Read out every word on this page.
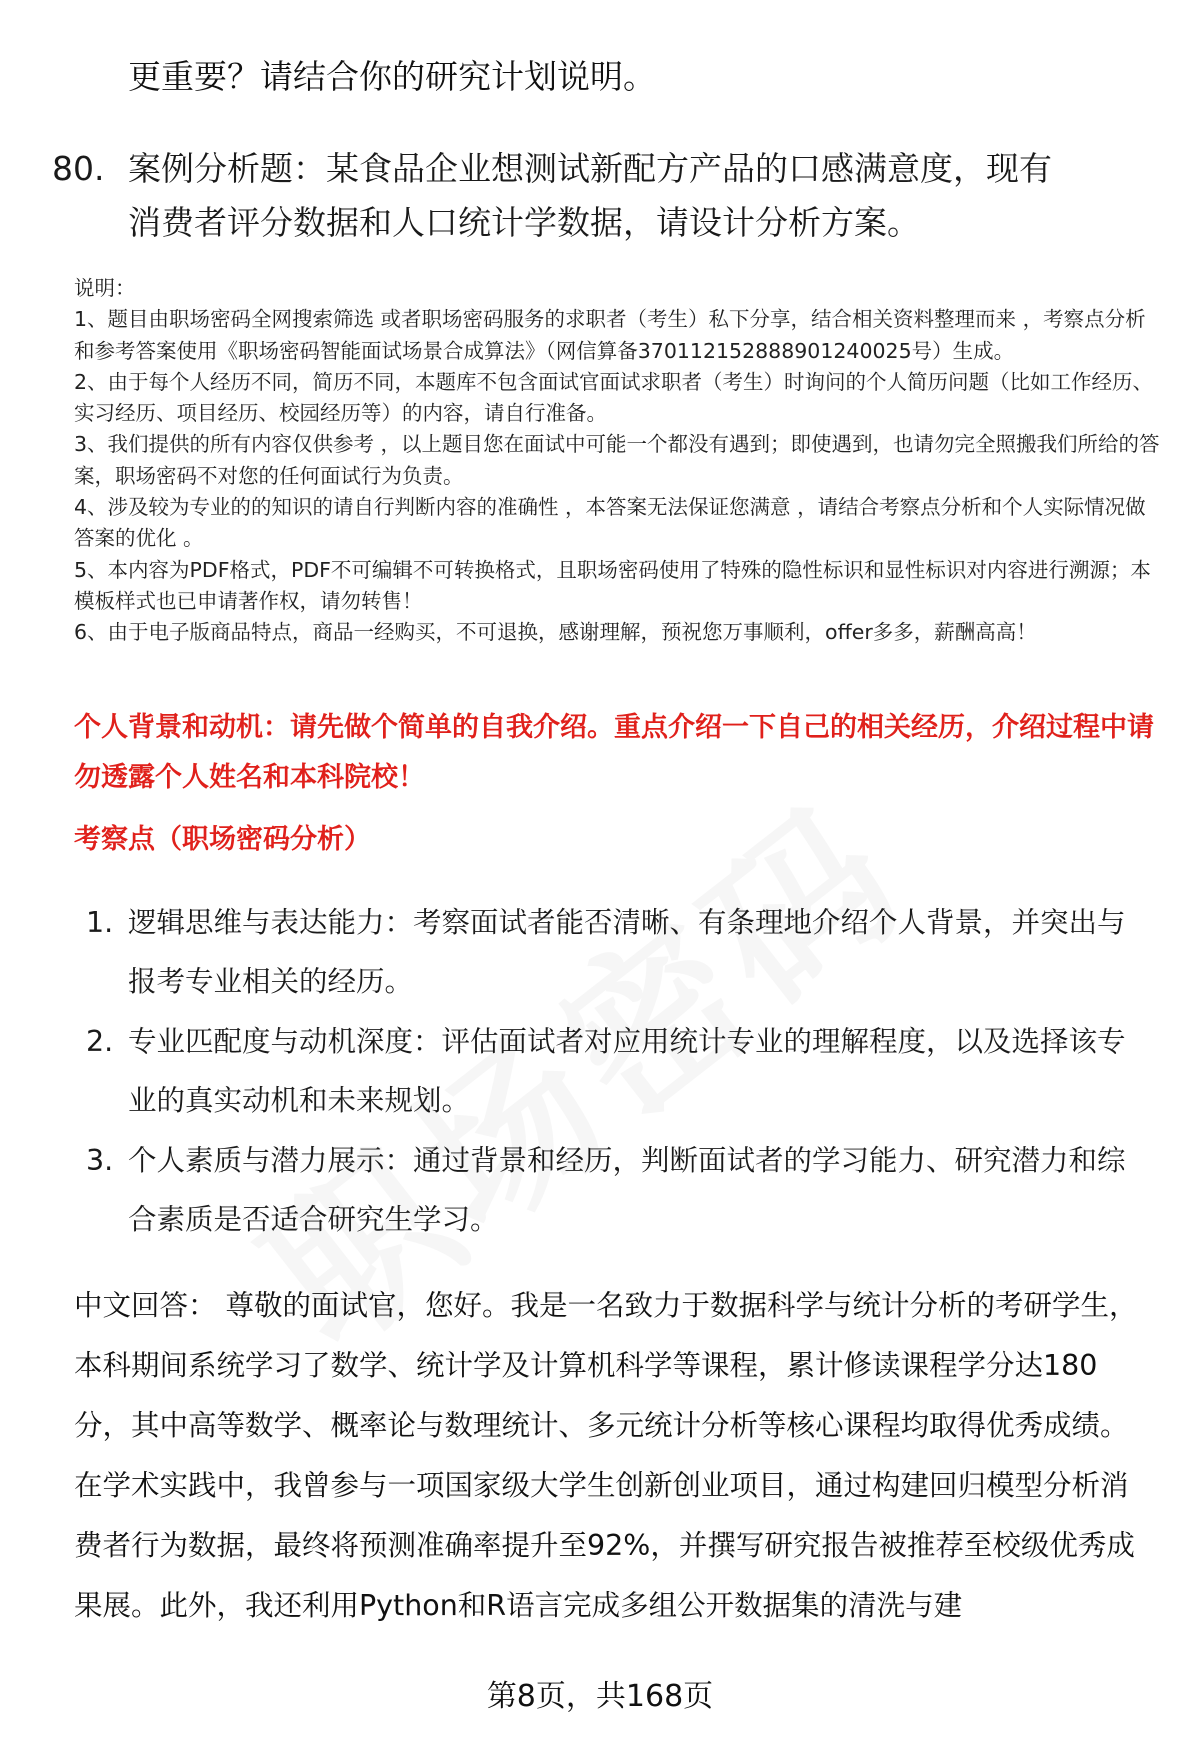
更重要？请结合你的研究计划说明。
80. 案例分析题：某食品企业想测试新配方产品的口感满意度，现有
消费者评分数据和人口统计学数据，请设计分析方案。

说明：

1、题目由职场密码全网搜索筛选 或者职场密码服务的求职者（考生）私下分享，结合相关资料整理而来 ，考察点分析和参考答案使用《职场密码智能面试场景合成算法》（网信算备370112152888901240025号）生成。

2、由于每个人经历不同，简历不同，本题库不包含面试官面试求职者（考生）时询问的个人简历问题（比如工作经历、实习经历、项目经历、校园经历等）的内容，请自行准备。

3、我们提供的所有内容仅供参考 ，以上题目您在面试中可能一个都没有遇到；即使遇到，也请勿完全照搬我们所给的答案，职场密码不对您的任何面试行为负责。

4、涉及较为专业的的知识的请自行判断内容的准确性 ，本答案无法保证您满意 ，请结合考察点分析和个人实际情况做答案的优化 。

5、本内容为PDF格式，PDF不可编辑不可转换格式，且职场密码使用了特殊的隐性标识和显性标识对内容进行溯源；本模板样式也已申请著作权，请勿转售！

6、由于电子版商品特点，商品一经购买，不可退换，感谢理解，预祝您万事顺利，offer多多，薪酬高高！

个人背景和动机：请先做个简单的自我介绍。重点介绍一下自己的相关经历，介绍过程中请勿透露个人姓名和本科院校！
考察点（职场密码分析）
1. 逻辑思维与表达能力：考察面试者能否清晰、有条理地介绍个人背景，并突出与报考专业相关的经历。
2. 专业匹配度与动机深度：评估面试者对应用统计专业的理解程度，以及选择该专业的真实动机和未来规划。
3. 个人素质与潜力展示：通过背景和经历，判断面试者的学习能力、研究潜力和综合素质是否适合研究生学习。
中文回答： 尊敬的面试官，您好。我是一名致力于数据科学与统计分析的考研学生，本科期间系统学习了数学、统计学及计算机科学等课程，累计修读课程学分达180分，其中高等数学、概率论与数理统计、多元统计分析等核心课程均取得优秀成绩。在学术实践中，我曾参与一项国家级大学生创新创业项目，通过构建回归模型分析消费者行为数据，最终将预测准确率提升至92%，并撰写研究报告被推荐至校级优秀成果展。此外，我还利用Python和R语言完成多组公开数据集的清洗与建
第8页，共168页
